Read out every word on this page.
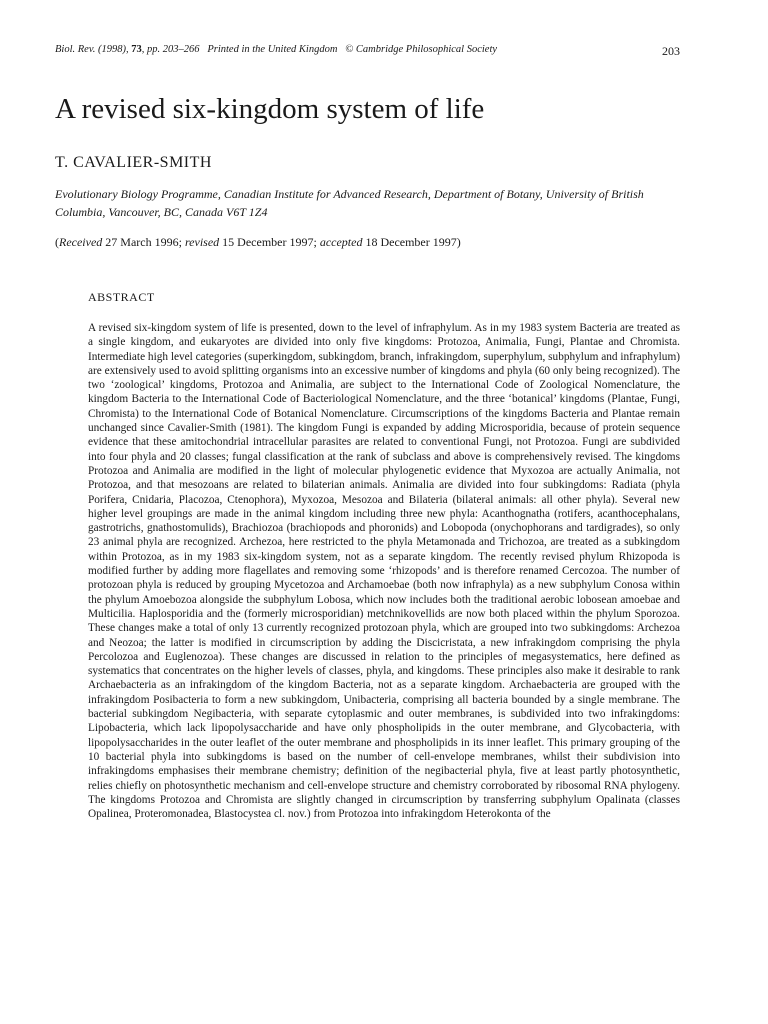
Biol. Rev. (1998), 73, pp. 203–266 Printed in the United Kingdom © Cambridge Philosophical Society	203
A revised six-kingdom system of life
T. CAVALIER-SMITH
Evolutionary Biology Programme, Canadian Institute for Advanced Research, Department of Botany, University of British Columbia, Vancouver, BC, Canada V6T 1Z4
(Received 27 March 1996; revised 15 December 1997; accepted 18 December 1997)
ABSTRACT

A revised six-kingdom system of life is presented, down to the level of infraphylum. As in my 1983 system Bacteria are treated as a single kingdom, and eukaryotes are divided into only five kingdoms: Protozoa, Animalia, Fungi, Plantae and Chromista. Intermediate high level categories (superkingdom, subkingdom, branch, infrakingdom, superphylum, subphylum and infraphylum) are extensively used to avoid splitting organisms into an excessive number of kingdoms and phyla (60 only being recognized). The two ‘zoological’ kingdoms, Protozoa and Animalia, are subject to the International Code of Zoological Nomenclature, the kingdom Bacteria to the International Code of Bacteriological Nomenclature, and the three ‘botanical’ kingdoms (Plantae, Fungi, Chromista) to the International Code of Botanical Nomenclature. Circumscriptions of the kingdoms Bacteria and Plantae remain unchanged since Cavalier-Smith (1981). The kingdom Fungi is expanded by adding Microsporidia, because of protein sequence evidence that these amitochondrial intracellular parasites are related to conventional Fungi, not Protozoa. Fungi are subdivided into four phyla and 20 classes; fungal classification at the rank of subclass and above is comprehensively revised. The kingdoms Protozoa and Animalia are modified in the light of molecular phylogenetic evidence that Myxozoa are actually Animalia, not Protozoa, and that mesozoans are related to bilaterian animals. Animalia are divided into four subkingdoms: Radiata (phyla Porifera, Cnidaria, Placozoa, Ctenophora), Myxozoa, Mesozoa and Bilateria (bilateral animals: all other phyla). Several new higher level groupings are made in the animal kingdom including three new phyla: Acanthognatha (rotifers, acanthocephalans, gastrotrichs, gnathostomulids), Brachiozoa (brachiopods and phoronids) and Lobopoda (onychophorans and tardigrades), so only 23 animal phyla are recognized. Archezoa, here restricted to the phyla Metamonada and Trichozoa, are treated as a subkingdom within Protozoa, as in my 1983 six-kingdom system, not as a separate kingdom. The recently revised phylum Rhizopoda is modified further by adding more flagellates and removing some ‘rhizopods’ and is therefore renamed Cercozoa. The number of protozoan phyla is reduced by grouping Mycetozoa and Archamoebae (both now infraphyla) as a new subphylum Conosa within the phylum Amoebozoa alongside the subphylum Lobosa, which now includes both the traditional aerobic lobosean amoebae and Multicilia. Haplosporidia and the (formerly microsporidian) metchnikovellids are now both placed within the phylum Sporozoa. These changes make a total of only 13 currently recognized protozoan phyla, which are grouped into two subkingdoms: Archezoa and Neozoa; the latter is modified in circumscription by adding the Discicristata, a new infrakingdom comprising the phyla Percolozoa and Euglenozoa). These changes are discussed in relation to the principles of megasystematics, here defined as systematics that concentrates on the higher levels of classes, phyla, and kingdoms. These principles also make it desirable to rank Archaebacteria as an infrakingdom of the kingdom Bacteria, not as a separate kingdom. Archaebacteria are grouped with the infrakingdom Posibacteria to form a new subkingdom, Unibacteria, comprising all bacteria bounded by a single membrane. The bacterial subkingdom Negibacteria, with separate cytoplasmic and outer membranes, is subdivided into two infrakingdoms: Lipobacteria, which lack lipopolysaccharide and have only phospholipids in the outer membrane, and Glycobacteria, with lipopolysaccharides in the outer leaflet of the outer membrane and phospholipids in its inner leaflet. This primary grouping of the 10 bacterial phyla into subkingdoms is based on the number of cell-envelope membranes, whilst their subdivision into infrakingdoms emphasises their membrane chemistry; definition of the negibacterial phyla, five at least partly photosynthetic, relies chiefly on photosynthetic mechanism and cell-envelope structure and chemistry corroborated by ribosomal RNA phylogeny. The kingdoms Protozoa and Chromista are slightly changed in circumscription by transferring subphylum Opalinata (classes Opalinea, Proteromonadea, Blastocystea cl. nov.) from Protozoa into infrakingdom Heterokonta of the
